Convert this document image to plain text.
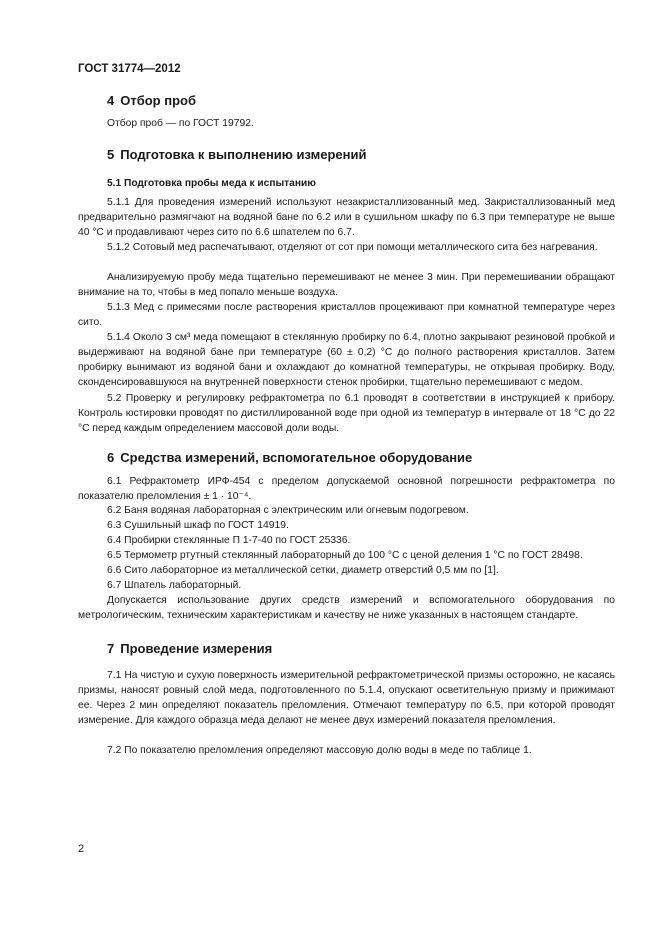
ГОСТ 31774—2012
4 Отбор проб

Отбор проб — по ГОСТ 19792.

5 Подготовка к выполнению измерений
5.1 Подготовка пробы меда к испытанию

5.1.1 Для проведения измерений используют незакристаллизованный мед. Закристаллизованный мед предварительно размягчают на водяной бане по 6.2 или в сушильном шкафу по 6.3 при температуре не выше 40 °С и продавливают через сито по 6.6 шпателем по 6.7.

5.1.2 Сотовый мед распечатывают, отделяют от сот при помощи металлического сита без нагревания.

Анализируемую пробу меда тщательно перемешивают не менее 3 мин. При перемешивании обращают внимание на то, чтобы в мед попало меньше воздуха.

5.1.3 Мед с примесями после растворения кристаллов процеживают при комнатной температуре через сито.

5.1.4 Около 3 см³ меда помещают в стеклянную пробирку по 6.4, плотно закрывают резиновой пробкой и выдерживают на водяной бане при температуре (60 ± 0,2) °С до полного растворения кристаллов. Затем пробирку вынимают из водяной бани и охлаждают до комнатной температуры, не открывая пробирку. Воду, сконденсировавшуюся на внутренней поверхности стенок пробирки, тщательно перемешивают с медом.

5.2 Проверку и регулировку рефрактометра по 6.1 проводят в соответствии в инструкцией к прибору. Контроль юстировки проводят по дистиллированной воде при одной из температур в интервале от 18 °С до 22 °С перед каждым определением массовой доли воды.

6 Средства измерений, вспомогательное оборудование

6.1 Рефрактометр ИРФ-454 с пределом допускаемой основной погрешности рефрактометра по показателю преломления ± 1 · 10⁻⁴.

6.2 Баня водяная лабораторная с электрическим или огневым подогревом.

6.3 Сушильный шкаф по ГОСТ 14919.

6.4 Пробирки стеклянные П 1-7-40 по ГОСТ 25336.

6.5 Термометр ртутный стеклянный лабораторный до 100 °С с ценой деления 1 °С по ГОСТ 28498.

6.6 Сито лабораторное из металлической сетки, диаметр отверстий 0,5 мм по [1].

6.7 Шпатель лабораторный.

Допускается использование других средств измерений и вспомогательного оборудования по метрологическим, техническим характеристикам и качеству не ниже указанных в настоящем стандарте.

7 Проведение измерения

7.1 На чистую и сухую поверхность измерительной рефрактометрической призмы осторожно, не касаясь призмы, наносят ровный слой меда, подготовленного по 5.1.4, опускают осветительную призму и прижимают ее. Через 2 мин определяют показатель преломления. Отмечают температуру по 6.5, при которой проводят измерение. Для каждого образца меда делают не менее двух измерений показателя преломления.

7.2 По показателю преломления определяют массовую долю воды в меде по таблице 1.

2
